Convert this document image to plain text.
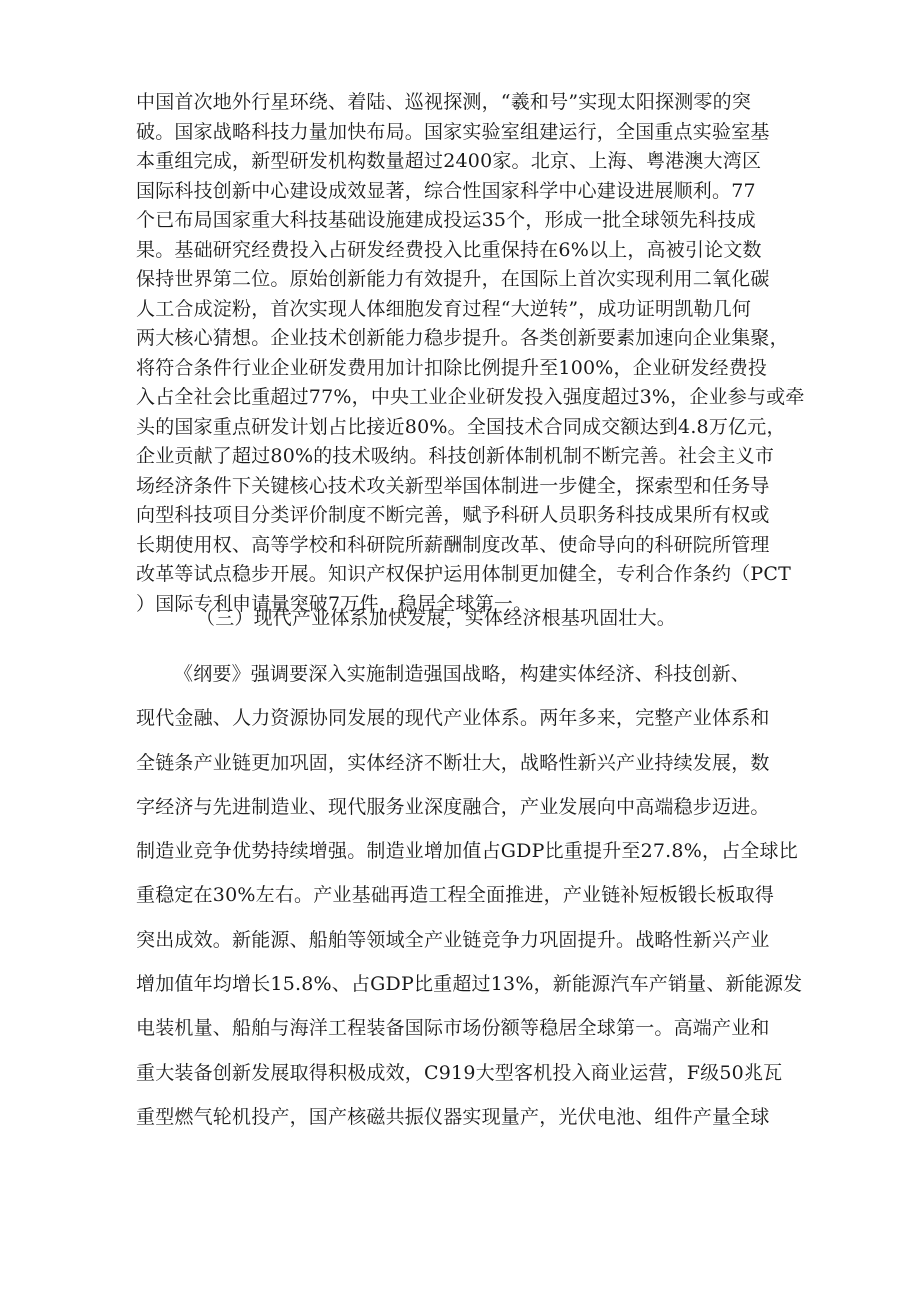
中国首次地外行星环绕、着陆、巡视探测，“羲和号”实现太阳探测零的突
破。国家战略科技力量加快布局。国家实验室组建运行，全国重点实验室基
本重组完成，新型研发机构数量超过2400家。北京、上海、粤港澳大湾区
国际科技创新中心建设成效显著，综合性国家科学中心建设进展顺利。77
个已布局国家重大科技基础设施建成投运35个，形成一批全球领先科技成
果。基础研究经费投入占研发经费投入比重保持在6%以上，高被引论文数
保持世界第二位。原始创新能力有效提升，在国际上首次实现利用二氧化碳
人工合成淀粉，首次实现人体细胞发育过程“大逆转”，成功证明凯勒几何
两大核心猜想。企业技术创新能力稳步提升。各类创新要素加速向企业集聚，
将符合条件行业企业研发费用加计扣除比例提升至100%，企业研发经费投
入占全社会比重超过77%，中央工业企业研发投入强度超过3%，企业参与或牵
头的国家重点研发计划占比接近80%。全国技术合同成交额达到4.8万亿元，
企业贡献了超过80%的技术吸纳。科技创新体制机制不断完善。社会主义市
场经济条件下关键核心技术攻关新型举国体制进一步健全，探索型和任务导
向型科技项目分类评价制度不断完善，赋予科研人员职务科技成果所有权或
长期使用权、高等学校和科研院所薪酬制度改革、使命导向的科研院所管理
改革等试点稳步开展。知识产权保护运用体制更加健全，专利合作条约（PCT
）国际专利申请量突破7万件，稳居全球第一。
（三）现代产业体系加快发展，实体经济根基巩固壮大。
《纲要》强调要深入实施制造强国战略，构建实体经济、科技创新、
现代金融、人力资源协同发展的现代产业体系。两年多来，完整产业体系和
全链条产业链更加巩固，实体经济不断壮大，战略性新兴产业持续发展，数
字经济与先进制造业、现代服务业深度融合，产业发展向中高端稳步迈进。
制造业竞争优势持续增强。制造业增加值占GDP比重提升至27.8%，占全球比
重稳定在30%左右。产业基础再造工程全面推进，产业链补短板锻长板取得
突出成效。新能源、船舶等领域全产业链竞争力巩固提升。战略性新兴产业
增加值年均增长15.8%、占GDP比重超过13%，新能源汽车产销量、新能源发
电装机量、船舶与海洋工程装备国际市场份额等稳居全球第一。高端产业和
重大装备创新发展取得积极成效，C919大型客机投入商业运营，F级50兆瓦
重型燃气轮机投产，国产核磁共振仪器实现量产，光伏电池、组件产量全球
